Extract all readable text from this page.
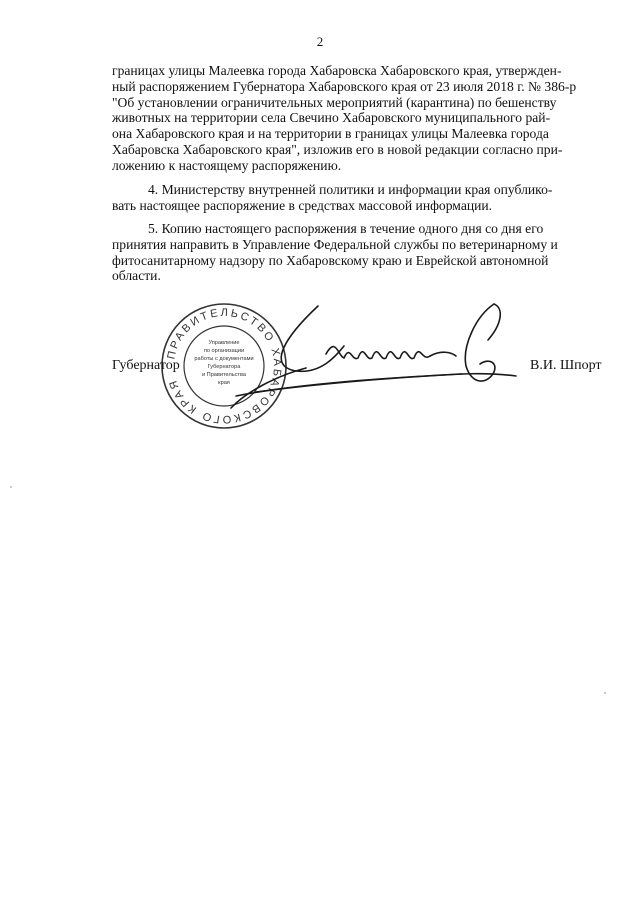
2
границах улицы Малеевка города Хабаровска Хабаровского края, утвержден-
ный распоряжением Губернатора Хабаровского края от 23 июля 2018 г. № 386-р
"Об установлении ограничительных мероприятий (карантина) по бешенству
животных на территории села Свечино Хабаровского муниципального рай-
она Хабаровского края и на территории в границах улицы Малеевка города
Хабаровска Хабаровского края", изложив его в новой редакции согласно при-
ложению к настоящему распоряжению.
4. Министерству внутренней политики и информации края опублико-
вать настоящее распоряжение в средствах массовой информации.
5. Копию настоящего распоряжения в течение одного дня со дня его
принятия направить в Управление Федеральной службы по ветеринарному и
фитосанитарному надзору по Хабаровскому краю и Еврейской автономной
области.
ПРАВИТЕЛЬСТВО ХАБАРОВСКОГО КРАЯ
Управление
по организации
работы с документами
Губернатора
и Правительства
края
Губернатор	В.И. Шпорт
